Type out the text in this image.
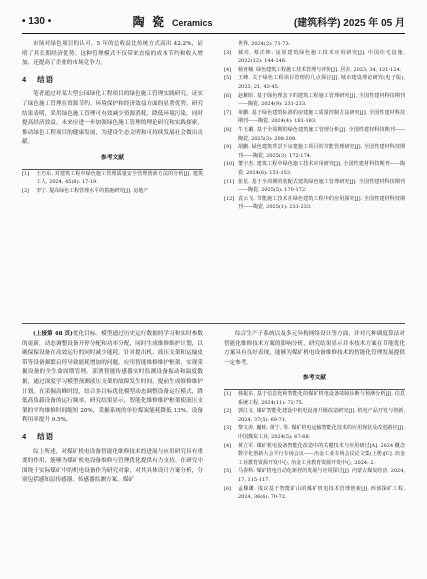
• 130 •	陶 瓷 Ceramics	(建筑科学) 2025 年 05 月

市场对绿色项目的认可。5 年的总收益比传统方式高出 42.2%，证明了其长期经济优势。这种管理模式不仅带来直接的成本节约和收入增加，还提高了企业的市场竞争力。

4 结语

笔者通过对某大型公园绿化工程项目的绿色施工管理实践研究，证实了绿色施工管理在资源节约、环境保护和经济效益方面的显著优势。研究结果表明，采用绿色施工管理可有效减少资源消耗、降低环境污染，同时提高经济效益。未来应进一步加强绿色施工管理的理论研究和实践探索，推动绿色工程项目的健康发展，为建设生态文明和可持续发展社会做出贡献。

参考文献
[1]	王巧东. 对建筑工程中绿色施工管理质量安全管理创新方法的分析[J]. 建筑工人, 2024, 45(8): 17-19.
[2]	李宁. 提高绿色工程管理水平的措施研究[J]. 房地产
世界, 2024(2): 71-73.
[3]	郝亮, 蔡洋坤. 房屋建筑绿色施工技术应用研究[J]. 中国住宅设施, 2022(12): 144-146.
[4]	杨亚楠. 绿色建筑工程施工技术管理与评价[J]. 居舍, 2023, 34, 121-124.
[5]	王峰. 关于绿色工程项目管理的几点探讨[J]. 城市建设理论研究(电子版), 2023, 21, 43-45.
[6]	赵紫暄. 基于绿色理念下的建筑工程施工管理研究[J]. 全国性建材科技期刊——陶瓷, 2024(9): 231-233.
[7]	单鹏. 基于绿色建筑标准的房建施工质量控制方法研究[J]. 全国性建材科技期刊——陶瓷, 2024(4): 181-183.
[8]	牛玉璐. 基于全周期的绿色建筑施工管理分析[J]. 全国性建材科技期刊——陶瓷, 2025(3): 208-209.
[9]	胡鹏. 绿色建筑背景下房建施工项目的节能管理研究[J]. 全国性建材科技期刊——陶瓷, 2025(3), 172-174.
[10] 董宇杰. 建筑工程中绿色施工技术应用研究[J]. 全国性建材科技期刊——陶瓷, 2024(6): 151-153.
[11] 张星. 基于全周期的装配式建筑绿色施工管理研究[J]. 全国性建材科技期刊——陶瓷, 2025(5): 170-172.
[12] 袁云飞. 节能施工技术在绿色建筑工程中的应用探究[J]. 全国性建材科技期刊——陶瓷, 2025(1): 231-233.

(上接第 48 页)优化目标。模型通过历史运行数据的学习和实时参数的更新，动态调整设备开停分配和功率分配，同时生成维修维护计划，以确保保设备在高效运行的同时减少能耗。针对提出机、液压支架和运输皮带等设备频繁启停导致能耗增加的问题，应用智能维修维护框架，实现采掘设备的全生命周期管理。部署智能传感器实时监测设备振动和温度数据，通过深度学习模型预测液压支架的故障发生时间，提前生成维修维护计划。在采掘高峰时段，结合多目标优化模型动态调整设备运行模式，降低高负载设备的运行频率。研究结果显示，智能化维修维护框架使液压支架的平均维修时间缩短 20%，采掘系统的单位煤炭能耗降低 13%，设备利用率提升 9.5%。

4 结语

综上所述，对煤矿机电设备智能化维修技术的进展与应用研究具有重要的作用，能够为煤矿机电设备维修与管理优化提供有力支持。在研究中围绕于实际煤矿中的机电设备作为研究对象，对其具体设计方案分析，分别包括感知层传感器、传感器监测方案、煤矿

综合生产子系统以及多元异构网络设计等方面，并对几种调度算法对智能化维修技术方案的影响分析，研究结果显示并本技术方案在节能优化方案具有良好表现，能够为煤矿机电设备维修技术的智能化管理发展提供一定参考。

参考文献
[1]	韩振东. 基于信息化和智能化的煤矿机电设备故障诊断与预测分析[J]. 信息系统工程, 2024(11): 72-75.
[2]	郭江戈. 煤矿智能化建设中机电设备升级改造研究[J]. 机电产品开发与创新, 2024, 37(5): 69-71.
[3]	黎文涛, 魔栋, 黄宁, 等. 煤矿机电运输智能化技术的应用现状及改进路径[J]. 中国煤炭工业, 2024(5): 67-68.
[4]	黄立军. 煤矿机电设备智能化改造中的关键技术与应用研讨[A]. 2024 概念数字化创新大会平行专场会议——冶金工业专场会议论文集(上册)[C]. 冶金工业教育资源开发中心, 冶金工业教育资源开发中心, 2024: 2.
[5]	马春科. 煤矿机电自动化新控的发展与应用探讨[J]. 内蒙古煤炭经济, 2024, 17, 115-117.
[6]	孟顺雕. 浅议基于智能矿山的煤矿机电技术管理创新[J]. 西部探矿工程, 2024, 36(6): 70-72.
